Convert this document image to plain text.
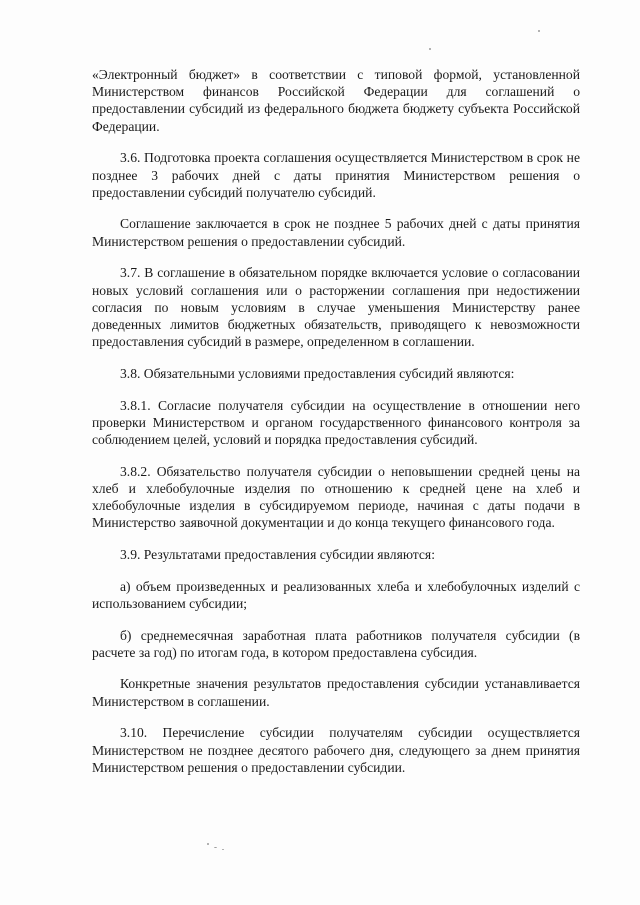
«Электронный бюджет» в соответствии с типовой формой, установленной Министерством финансов Российской Федерации для соглашений о предоставлении субсидий из федерального бюджета бюджету субъекта Российской Федерации.

3.6. Подготовка проекта соглашения осуществляется Министерством в срок не позднее 3 рабочих дней с даты принятия Министерством решения о предоставлении субсидий получателю субсидий.

Соглашение заключается в срок не позднее 5 рабочих дней с даты принятия Министерством решения о предоставлении субсидий.

3.7. В соглашение в обязательном порядке включается условие о согласовании новых условий соглашения или о расторжении соглашения при недостижении согласия по новым условиям в случае уменьшения Министерству ранее доведенных лимитов бюджетных обязательств, приводящего к невозможности предоставления субсидий в размере, определенном в соглашении.

3.8. Обязательными условиями предоставления субсидий являются:

3.8.1. Согласие получателя субсидии на осуществление в отношении него проверки Министерством и органом государственного финансового контроля за соблюдением целей, условий и порядка предоставления субсидий.

3.8.2. Обязательство получателя субсидии о неповышении средней цены на хлеб и хлебобулочные изделия по отношению к средней цене на хлеб и хлебобулочные изделия в субсидируемом периоде, начиная с даты подачи в Министерство заявочной документации и до конца текущего финансового года.

3.9. Результатами предоставления субсидии являются:

а) объем произведенных и реализованных хлеба и хлебобулочных изделий с использованием субсидии;

б) среднемесячная заработная плата работников получателя субсидии (в расчете за год) по итогам года, в котором предоставлена субсидия.

Конкретные значения результатов предоставления субсидии устанавливается Министерством в соглашении.

3.10. Перечисление субсидии получателям субсидии осуществляется Министерством не позднее десятого рабочего дня, следующего за днем принятия Министерством решения о предоставлении субсидии.
